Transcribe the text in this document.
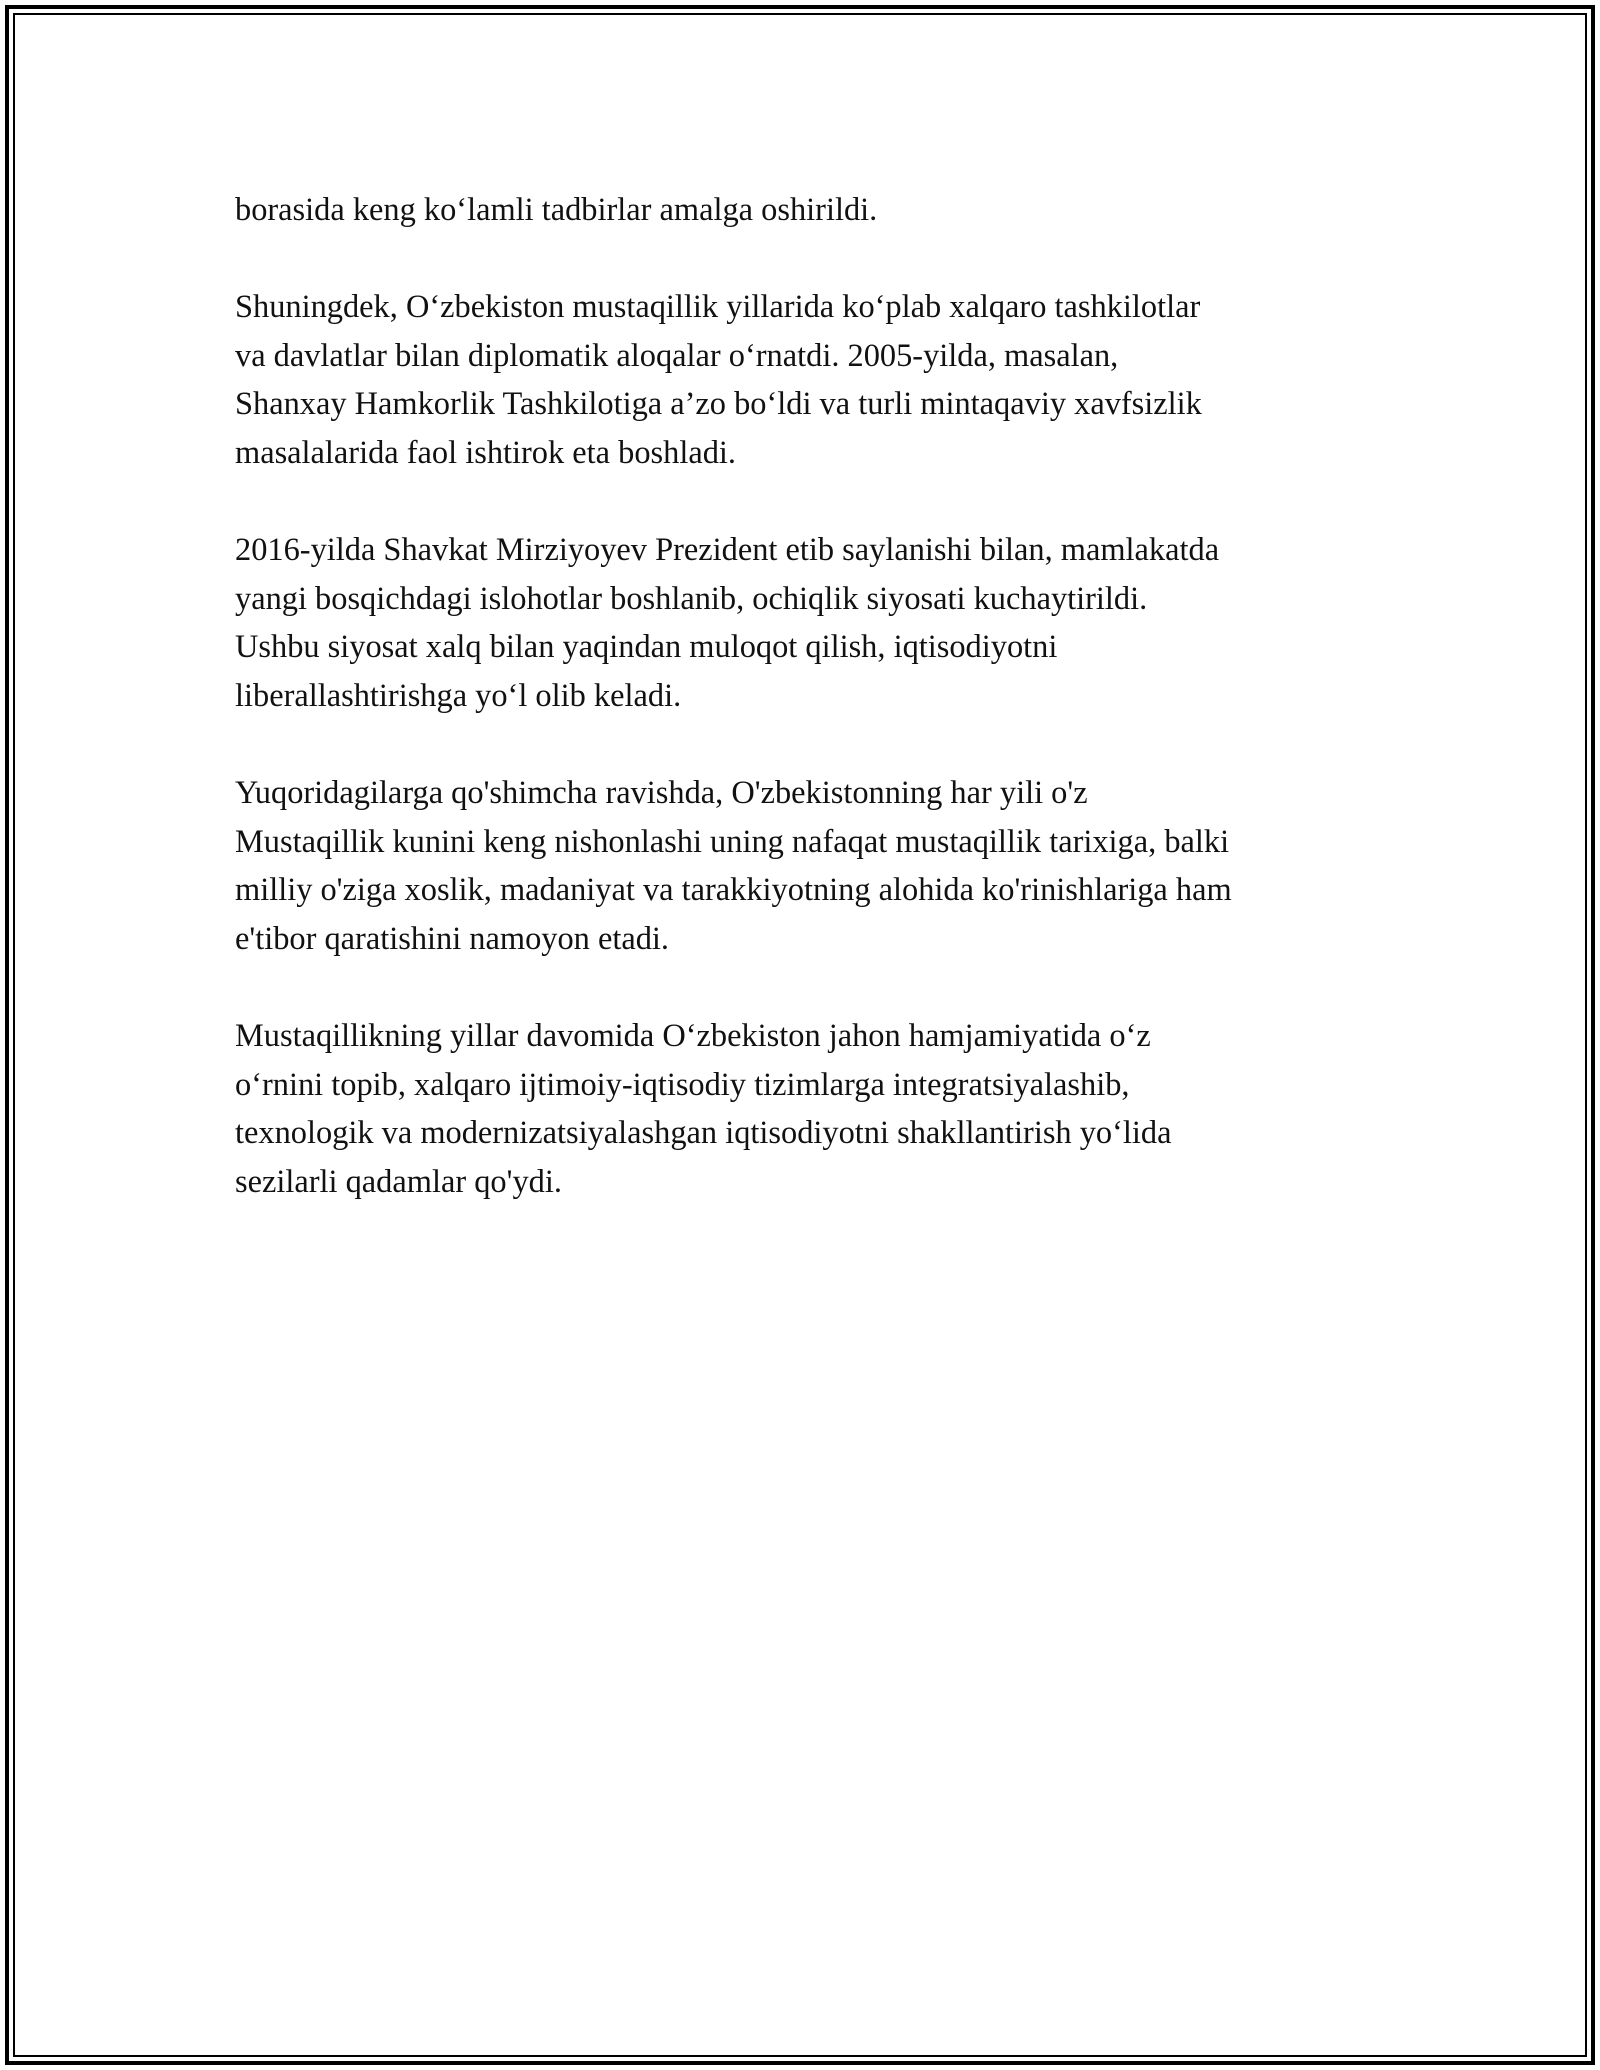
borasida keng ko‘lamli tadbirlar amalga oshirildi.

Shuningdek, O‘zbekiston mustaqillik yillarida ko‘plab xalqaro tashkilotlar
va davlatlar bilan diplomatik aloqalar o‘rnatdi. 2005-yilda, masalan,
Shanxay Hamkorlik Tashkilotiga a’zo bo‘ldi va turli mintaqaviy xavfsizlik
masalalarida faol ishtirok eta boshladi.

2016-yilda Shavkat Mirziyoyev Prezident etib saylanishi bilan, mamlakatda
yangi bosqichdagi islohotlar boshlanib, ochiqlik siyosati kuchaytirildi.
Ushbu siyosat xalq bilan yaqindan muloqot qilish, iqtisodiyotni
liberallashtirishga yo‘l olib keladi.

Yuqoridagilarga qo'shimcha ravishda, O'zbekistonning har yili o'z
Mustaqillik kunini keng nishonlashi uning nafaqat mustaqillik tarixiga, balki
milliy o'ziga xoslik, madaniyat va tarakkiyotning alohida ko'rinishlariga ham
e'tibor qaratishini namoyon etadi.

Mustaqillikning yillar davomida O‘zbekiston jahon hamjamiyatida o‘z
o‘rnini topib, xalqaro ijtimoiy-iqtisodiy tizimlarga integratsiyalashib,
texnologik va modernizatsiyalashgan iqtisodiyotni shakllantirish yo‘lida
sezilarli qadamlar qo'ydi.
